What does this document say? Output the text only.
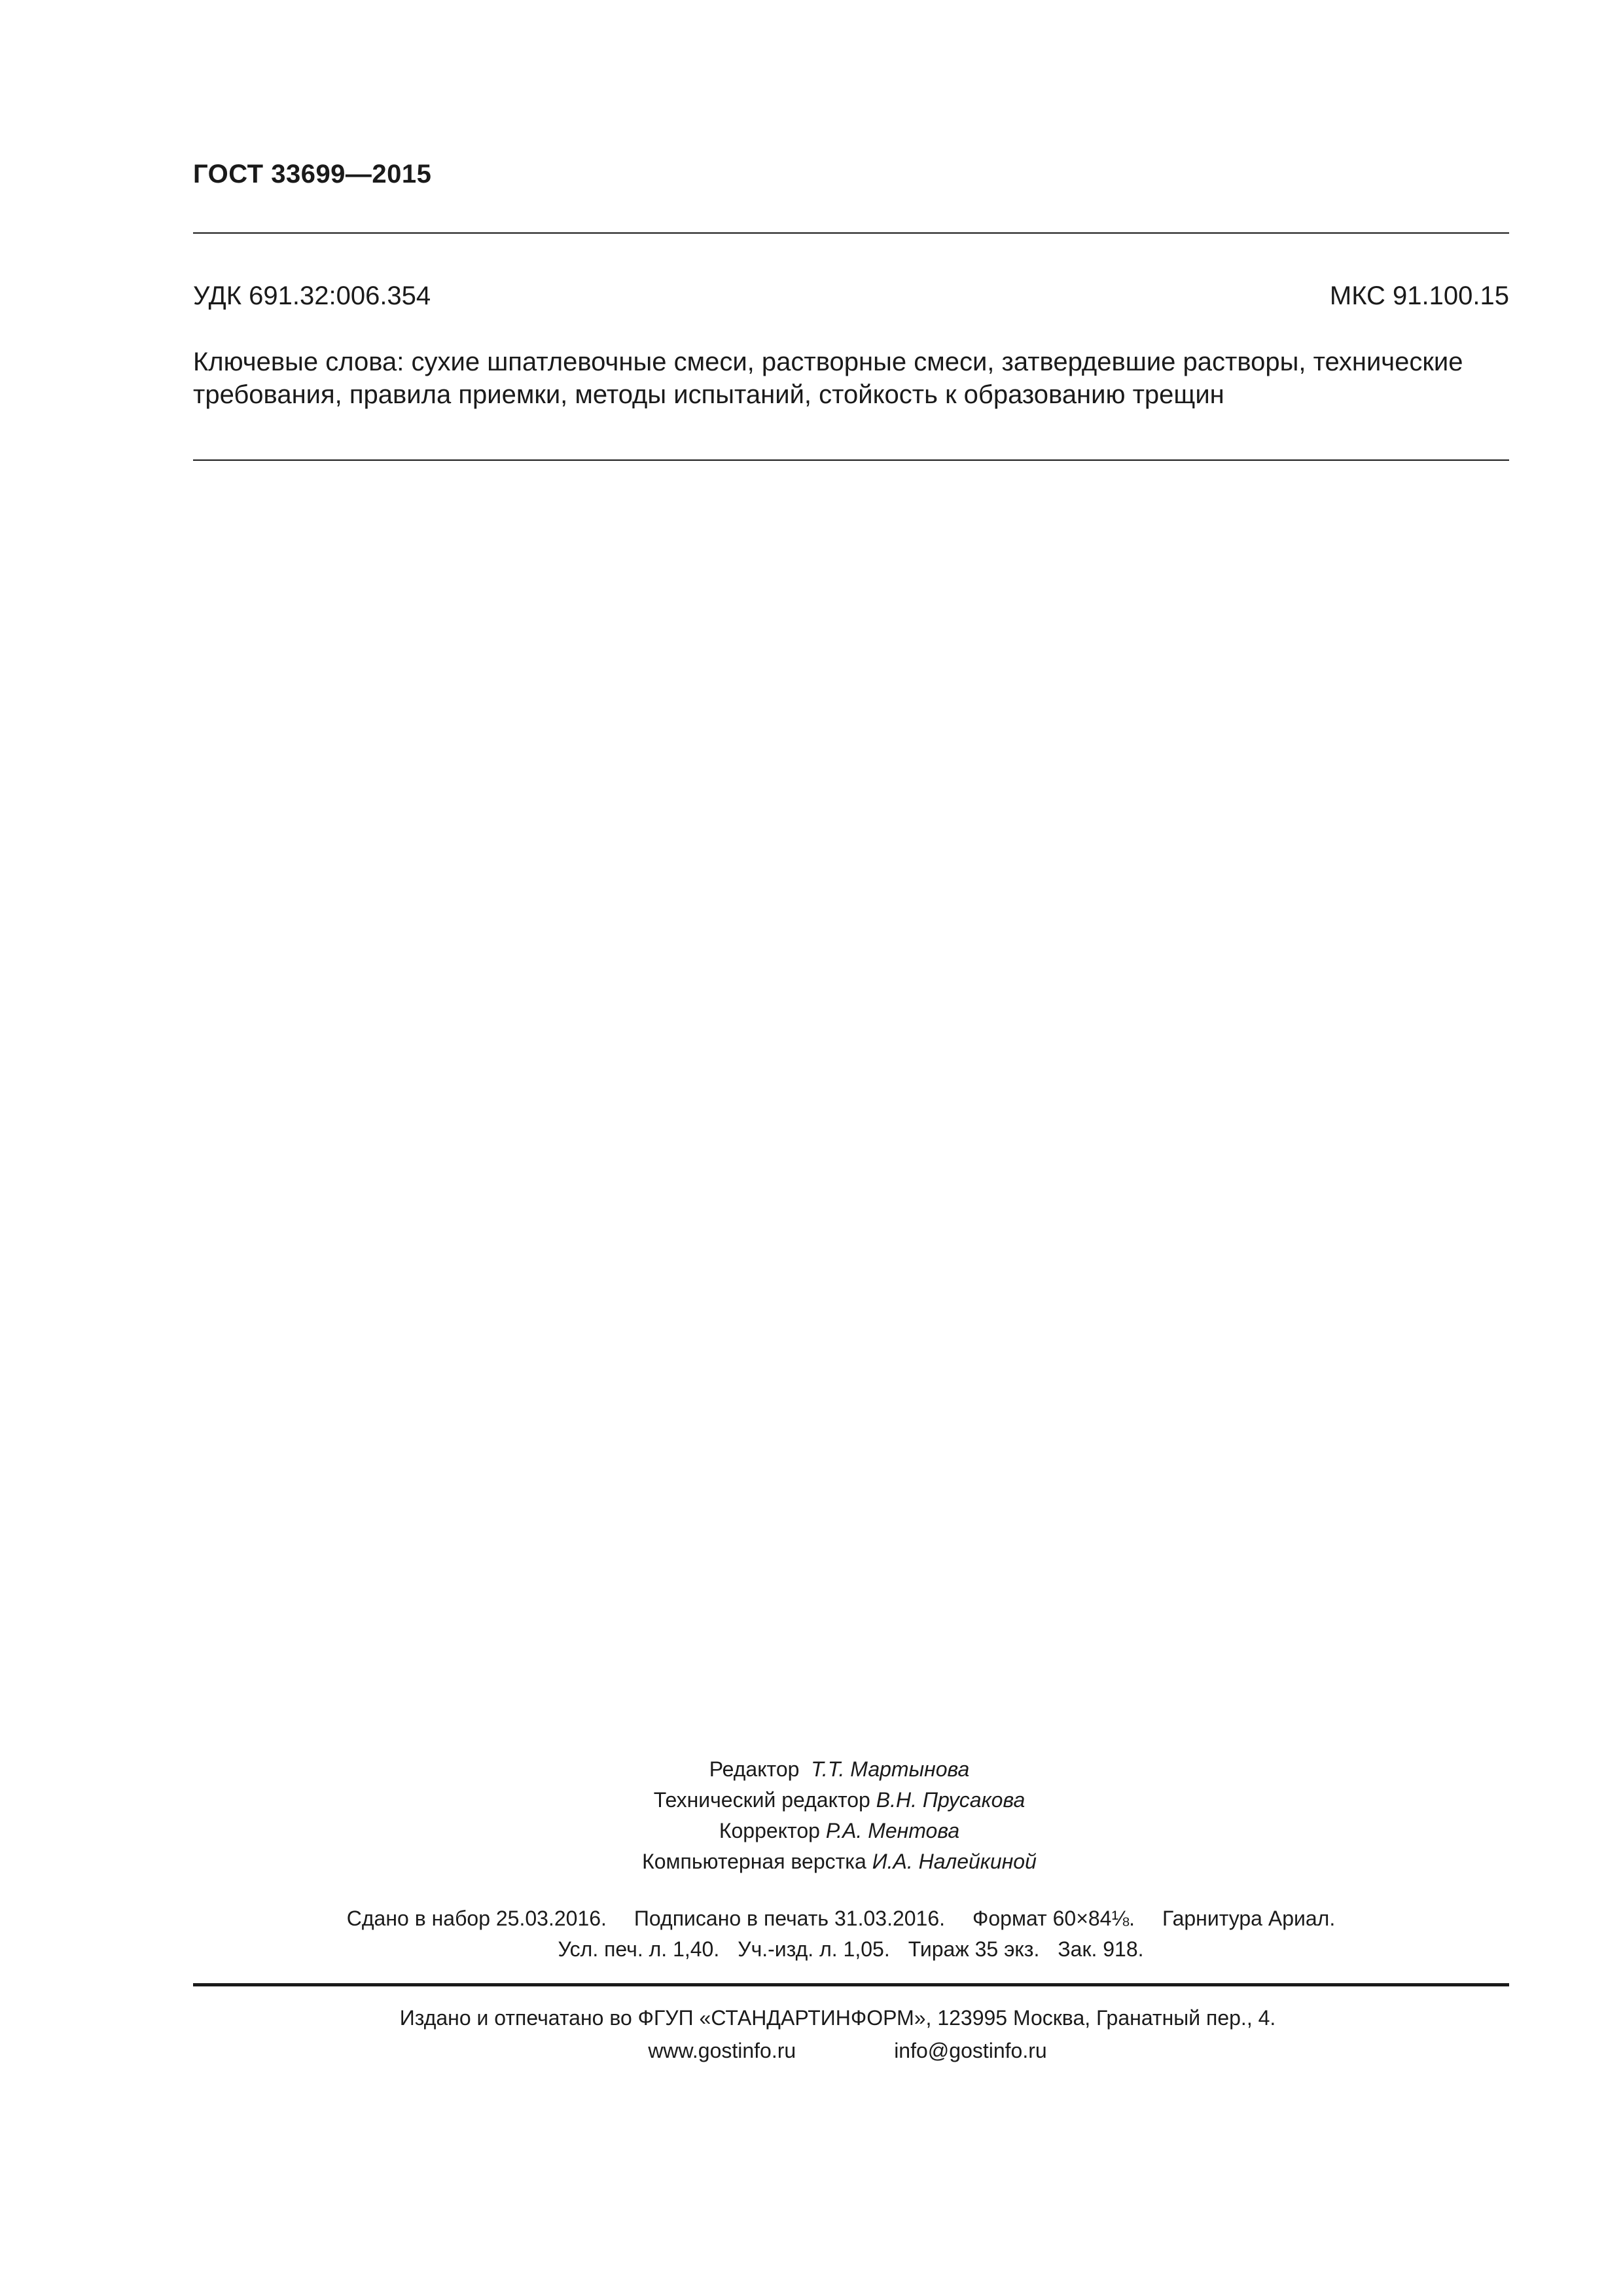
ГОСТ 33699—2015
УДК 691.32:006.354	МКС 91.100.15
Ключевые слова: сухие шпатлевочные смеси, растворные смеси, затвердевшие растворы, технические требования, правила приемки, методы испытаний, стойкость к образованию трещин
Редактор Т.Т. Мартынова
Технический редактор В.Н. Прусакова
Корректор Р.А. Ментова
Компьютерная верстка И.А. Налейкиной
Сдано в набор 25.03.2016. Подписано в печать 31.03.2016. Формат 60×84⅛. Гарнитура Ариал.
Усл. печ. л. 1,40. Уч.-изд. л. 1,05. Тираж 35 экз. Зак. 918.
Издано и отпечатано во ФГУП «СТАНДАРТИНФОРМ», 123995 Москва, Гранатный пер., 4.
www.gostinfo.ru	info@gostinfo.ru
